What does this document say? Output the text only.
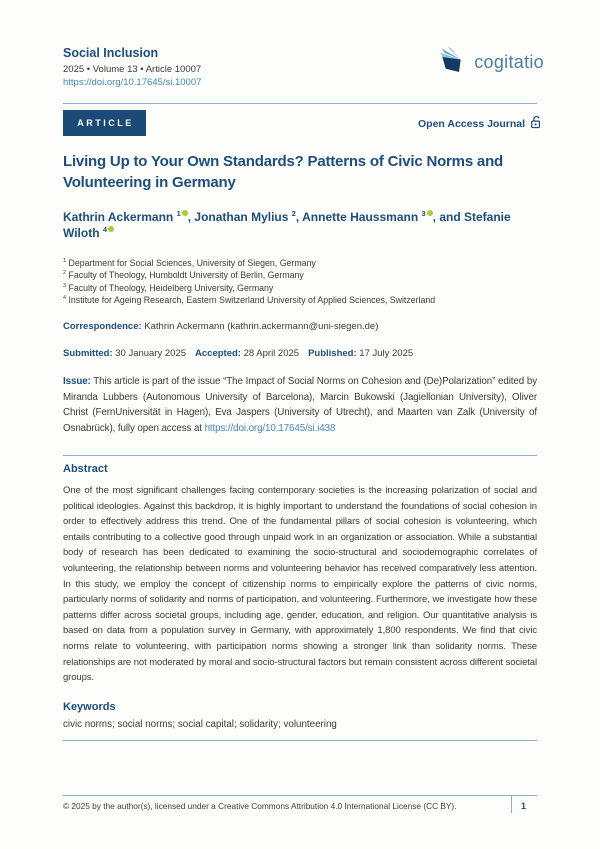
Social Inclusion
2025 • Volume 13 • Article 10007
https://doi.org/10.17645/si.10007
cogitatio
ARTICLE	Open Access Journal
Living Up to Your Own Standards? Patterns of Civic Norms and Volunteering in Germany
Kathrin Ackermann $^1$ , Jonathan Mylius $^2$, Annette Haussmann $^3$ , and Stefanie Wiloth $^4$
$^1$ Department for Social Sciences, University of Siegen, Germany
$^2$ Faculty of Theology, Humboldt University of Berlin, Germany
$^3$ Faculty of Theology, Heidelberg University, Germany
$^4$ Institute for Ageing Research, Eastern Switzerland University of Applied Sciences, Switzerland
Correspondence: Kathrin Ackermann (kathrin.ackermann@uni-siegen.de)
Submitted: 30 January 2025 Accepted: 28 April 2025 Published: 17 July 2025

Issue: This article is part of the issue “The Impact of Social Norms on Cohesion and (De)Polarization” edited by Miranda Lubbers (Autonomous University of Barcelona), Marcin Bukowski (Jagiellonian University), Oliver Christ (FernUniversität in Hagen), Eva Jaspers (University of Utrecht), and Maarten van Zalk (University of Osnabrück), fully open access at https://doi.org/10.17645/si.i438

Abstract

One of the most significant challenges facing contemporary societies is the increasing polarization of social and political ideologies. Against this backdrop, it is highly important to understand the foundations of social cohesion in order to effectively address this trend. One of the fundamental pillars of social cohesion is volunteering, which entails contributing to a collective good through unpaid work in an organization or association. While a substantial body of research has been dedicated to examining the socio-structural and sociodemographic correlates of volunteering, the relationship between norms and volunteering behavior has received comparatively less attention. In this study, we employ the concept of citizenship norms to empirically explore the patterns of civic norms, particularly norms of solidarity and norms of participation, and volunteering. Furthermore, we investigate how these patterns differ across societal groups, including age, gender, education, and religion. Our quantitative analysis is based on data from a population survey in Germany, with approximately 1,800 respondents. We find that civic norms relate to volunteering, with participation norms showing a stronger link than solidarity norms. These relationships are not moderated by moral and socio-structural factors but remain consistent across different societal groups.

Keywords
civic norms; social norms; social capital; solidarity; volunteering
© 2025 by the author(s), licensed under a Creative Commons Attribution 4.0 International License (CC BY).	1
